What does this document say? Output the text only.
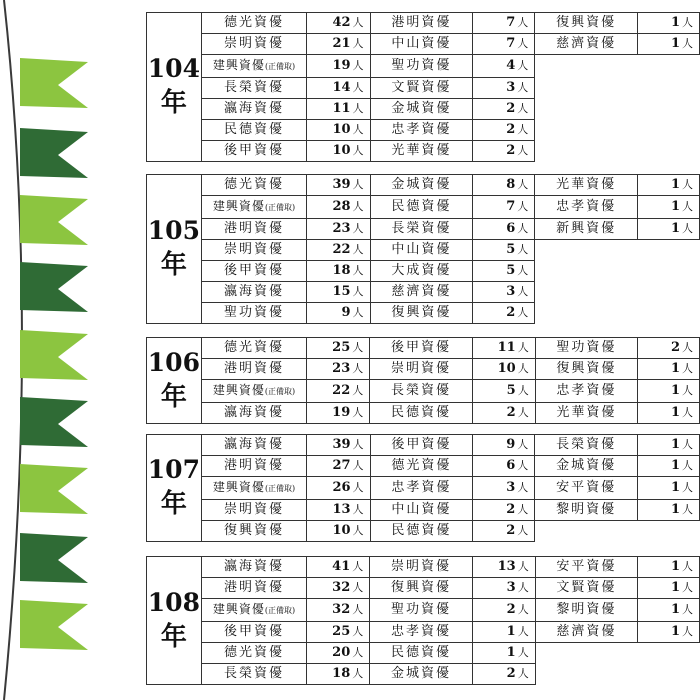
104
年	德光資優	42 人	港明資優	7 人	復興資優	1 人
	崇明資優	21 人	中山資優	7 人	慈濟資優	1 人
	建興資優(正備取)	19 人	聖功資優	4 人		
	長榮資優	14 人	文賢資優	3 人		
	瀛海資優	11 人	金城資優	2 人		
	民德資優	10 人	忠孝資優	2 人		
	後甲資優	10 人	光華資優	2 人		
105
年	德光資優	39 人	金城資優	8 人	光華資優	1 人
	建興資優(正備取)	28 人	民德資優	7 人	忠孝資優	1 人
	港明資優	23 人	長榮資優	6 人	新興資優	1 人
	崇明資優	22 人	中山資優	5 人		
	後甲資優	18 人	大成資優	5 人		
	瀛海資優	15 人	慈濟資優	3 人		
	聖功資優	9 人	復興資優	2 人		
106
年	德光資優	25 人	後甲資優	11 人	聖功資優	2 人
	港明資優	23 人	崇明資優	10 人	復興資優	1 人
	建興資優(正備取)	22 人	長榮資優	5 人	忠孝資優	1 人
	瀛海資優	19 人	民德資優	2 人	光華資優	1 人
107
年	瀛海資優	39 人	後甲資優	9 人	長榮資優	1 人
	港明資優	27 人	德光資優	6 人	金城資優	1 人
	建興資優(正備取)	26 人	忠孝資優	3 人	安平資優	1 人
	崇明資優	13 人	中山資優	2 人	黎明資優	1 人
	復興資優	10 人	民德資優	2 人		
108
年	瀛海資優	41 人	崇明資優	13 人	安平資優	1 人
	港明資優	32 人	復興資優	3 人	文賢資優	1 人
	建興資優(正備取)	32 人	聖功資優	2 人	黎明資優	1 人
	後甲資優	25 人	忠孝資優	1 人	慈濟資優	1 人
	德光資優	20 人	民德資優	1 人		
	長榮資優	18 人	金城資優	2 人		
